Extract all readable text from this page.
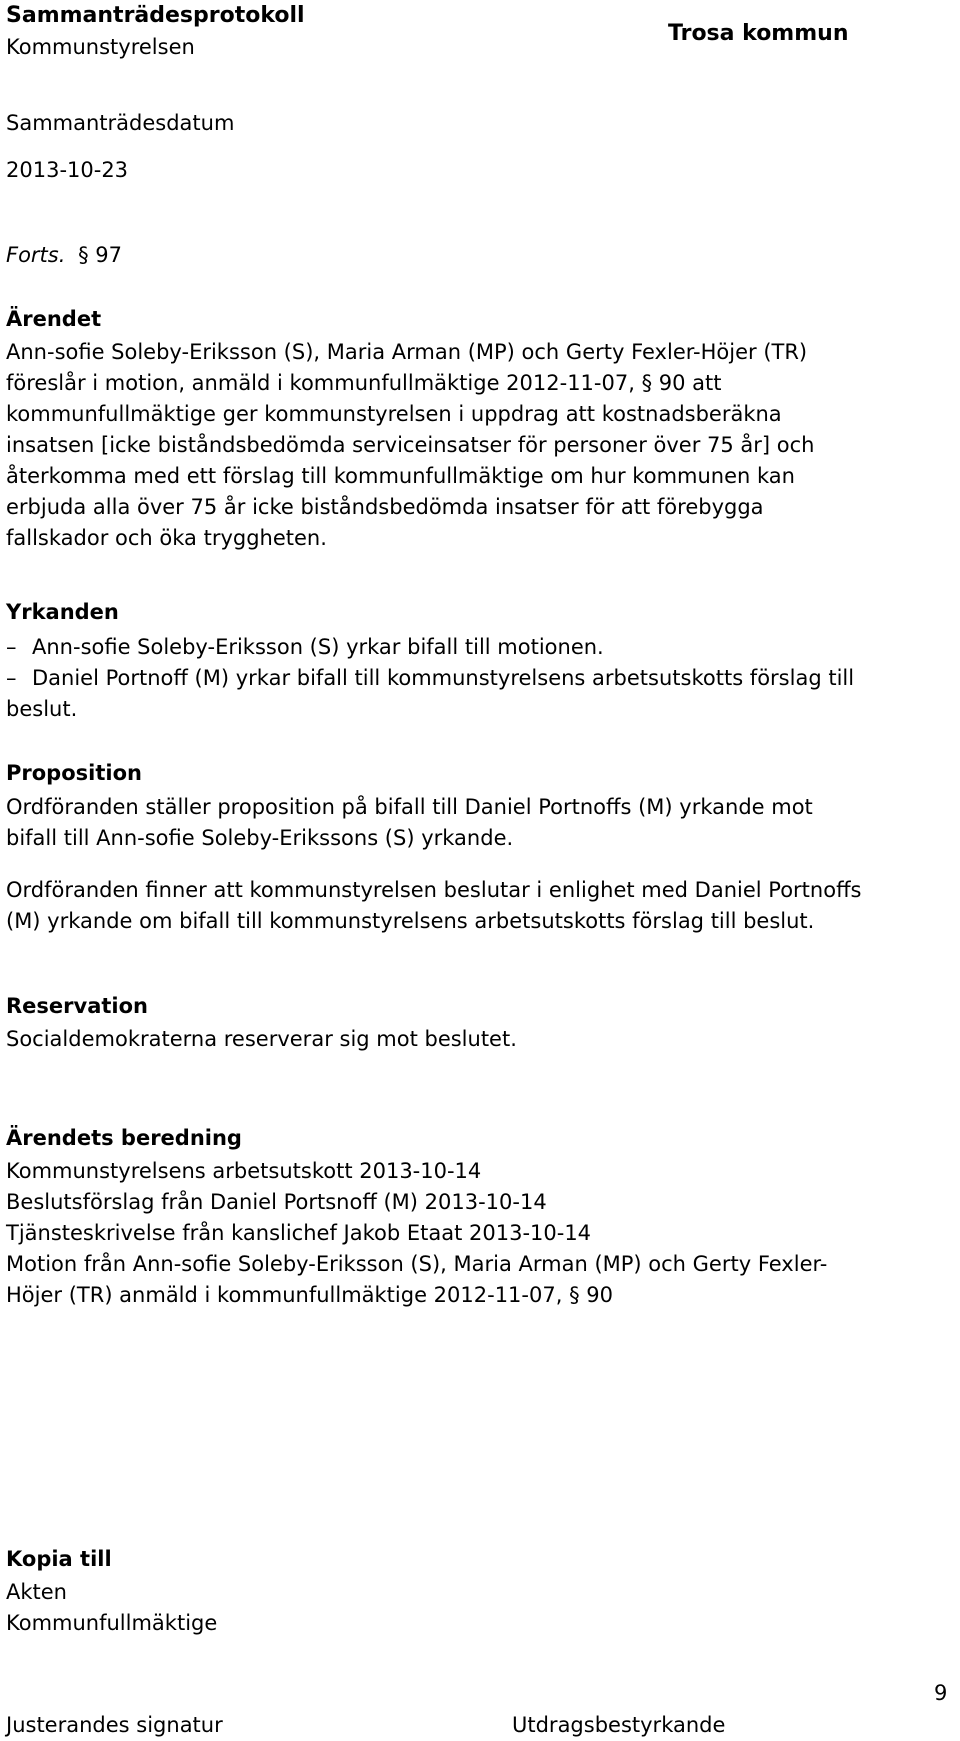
Sammanträdesprotokoll

Kommunstyrelsen

Trosa kommun

Sammanträdesdatum

2013-10-23

Forts. § 97

Ärendet

Ann-sofie Soleby-Eriksson (S), Maria Arman (MP) och Gerty Fexler-Höjer (TR)
föreslår i motion, anmäld i kommunfullmäktige 2012-11-07, § 90 att
kommunfullmäktige ger kommunstyrelsen i uppdrag att kostnadsberäkna
insatsen [icke biståndsbedömda serviceinsatser för personer över 75 år] och
återkomma med ett förslag till kommunfullmäktige om hur kommunen kan
erbjuda alla över 75 år icke biståndsbedömda insatser för att förebygga
fallskador och öka tryggheten.

Yrkanden

– Ann-sofie Soleby-Eriksson (S) yrkar bifall till motionen.
– Daniel Portnoff (M) yrkar bifall till kommunstyrelsens arbetsutskotts förslag till
beslut.

Proposition

Ordföranden ställer proposition på bifall till Daniel Portnoffs (M) yrkande mot
bifall till Ann-sofie Soleby-Erikssons (S) yrkande.
Ordföranden finner att kommunstyrelsen beslutar i enlighet med Daniel Portnoffs
(M) yrkande om bifall till kommunstyrelsens arbetsutskotts förslag till beslut.

Reservation

Socialdemokraterna reserverar sig mot beslutet.

Ärendets beredning

Kommunstyrelsens arbetsutskott 2013-10-14
Beslutsförslag från Daniel Portsnoff (M) 2013-10-14
Tjänsteskrivelse från kanslichef Jakob Etaat 2013-10-14
Motion från Ann-sofie Soleby-Eriksson (S), Maria Arman (MP) och Gerty Fexler-
Höjer (TR) anmäld i kommunfullmäktige 2012-11-07, § 90

Kopia till

Akten
Kommunfullmäktige

Justerandes signatur	Utdragsbestyrkande

9
